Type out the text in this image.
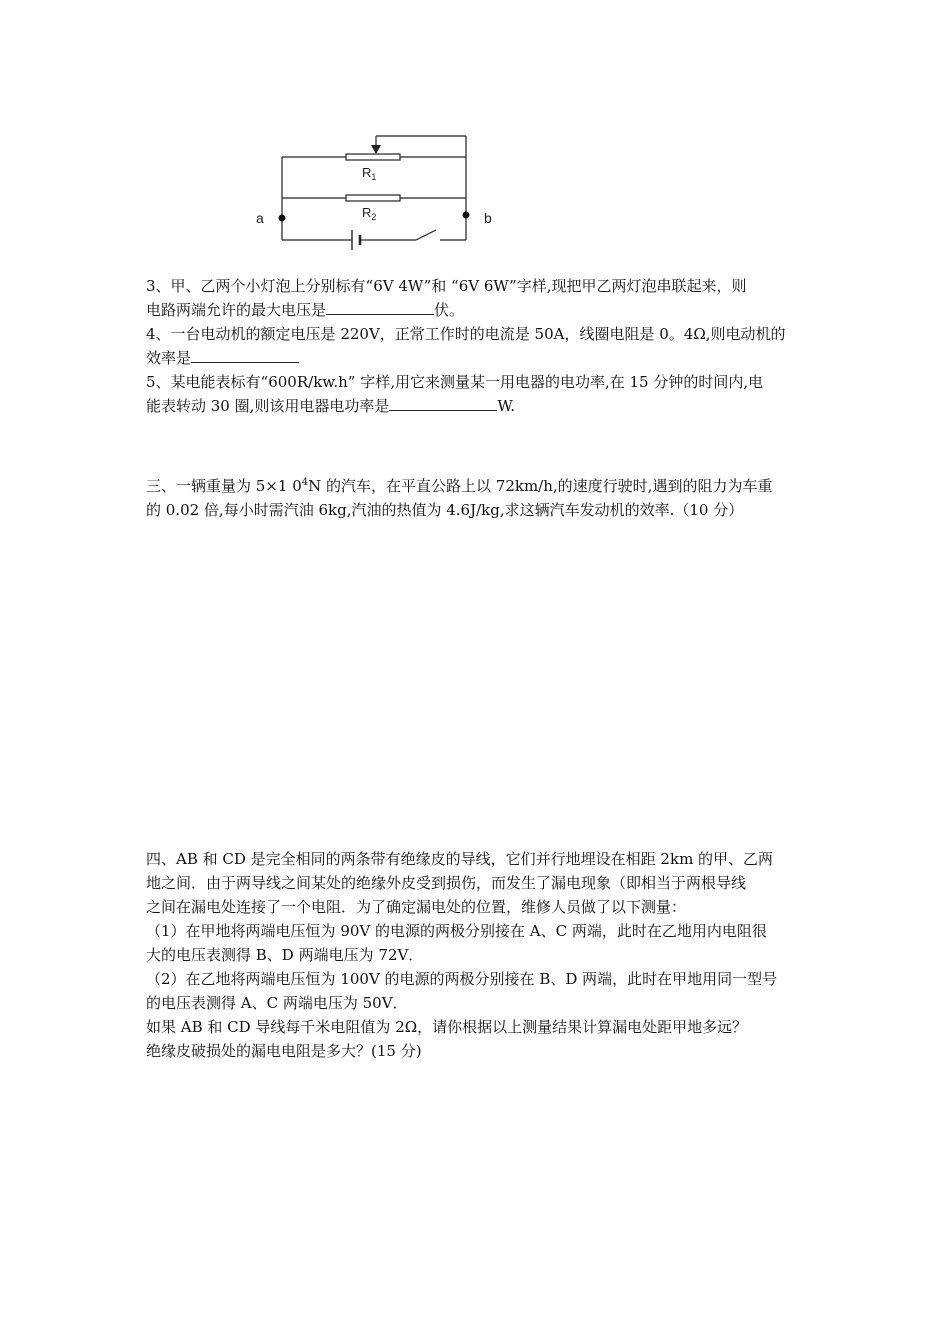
$R_1$
$R_2$
a	b

3、甲、乙两个小灯泡上分别标有“6V 4W”和 “6V 6W”字样,现把甲乙两灯泡串联起来，则

电路两端允许的最大电压是	伏。

4、一台电动机的额定电压是 220V，正常工作时的电流是 50A，线圈电阻是 0。4Ω,则电动机的

效率是

5、某电能表标有“600R/kw.h” 字样,用它来测量某一用电器的电功率,在 15 分钟的时间内,电

能表转动 30 圈,则该用电器电功率是	W.

三、一辆重量为 5×1 $0^4N$ 的汽车，在平直公路上以 72km/h,的速度行驶时,遇到的阻力为车重

的 0.02 倍,每小时需汽油 6kg,汽油的热值为 4.6J/kg,求这辆汽车发动机的效率.（10 分）

四、AB 和 CD 是完全相同的两条带有绝缘皮的导线，它们并行地埋设在相距 2km 的甲、乙两

地之间．由于两导线之间某处的绝缘外皮受到损伤，而发生了漏电现象（即相当于两根导线

之间在漏电处连接了一个电阻．为了确定漏电处的位置，维修人员做了以下测量：

（1）在甲地将两端电压恒为 90V 的电源的两极分别接在 A、C 两端，此时在乙地用内电阻很

大的电压表测得 B、D 两端电压为 72V．

（2）在乙地将两端电压恒为 100V 的电源的两极分别接在 B、D 两端，此时在甲地用同一型号

的电压表测得 A、C 两端电压为 50V．

如果 AB 和 CD 导线每千米电阻值为 2Ω，请你根据以上测量结果计算漏电处距甲地多远？

绝缘皮破损处的漏电电阻是多大？(15 分)
